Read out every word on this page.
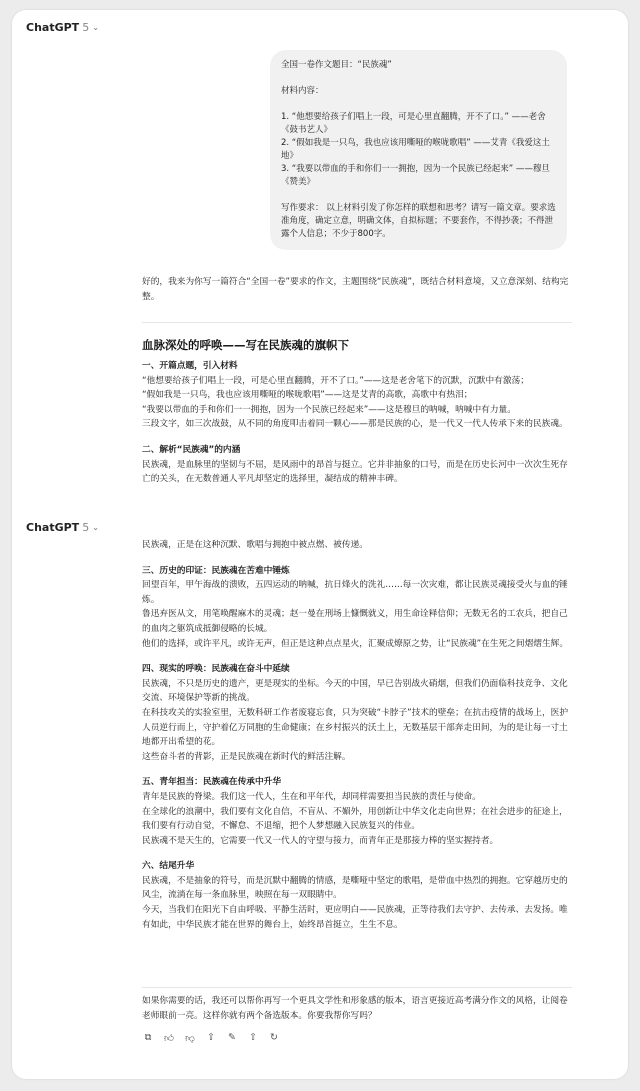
ChatGPT 5 ⌄

全国一卷作文题目：“民族魂”

材料内容：

1. “他想要给孩子们唱上一段，可是心里直翻腾，开不了口。” ——老舍《鼓书艺人》

2. “假如我是一只鸟，我也应该用嘶哑的喉咙歌唱” ——艾青《我爱这土地》

3. “我要以带血的手和你们一一拥抱，因为一个民族已经起来” ——穆旦《赞美》

写作要求： 以上材料引发了你怎样的联想和思考？请写一篇文章。要求选准角度，确定立意，明确文体，自拟标题；不要套作，不得抄袭；不得泄露个人信息；不少于800字。

好的，我来为你写一篇符合“全国一卷”要求的作文，主题围绕“民族魂”，既结合材料意境，又立意深刻、结构完整。

血脉深处的呼唤——写在民族魂的旗帜下
一、开篇点题，引入材料

“他想要给孩子们唱上一段，可是心里直翻腾，开不了口。”——这是老舍笔下的沉默，沉默中有激荡；

“假如我是一只鸟，我也应该用嘶哑的喉咙歌唱”——这是艾青的高歌，高歌中有热泪；

“我要以带血的手和你们一一拥抱，因为一个民族已经起来”——这是穆旦的呐喊，呐喊中有力量。

三段文字，如三次战鼓，从不同的角度叩击着同一颗心——那是民族的心，是一代又一代人传承下来的民族魂。

二、解析“民族魂”的内涵

民族魂，是血脉里的坚韧与不屈，是风雨中的昂首与挺立。它并非抽象的口号，而是在历史长河中一次次生死存亡的关头，在无数普通人平凡却坚定的选择里，凝结成的精神丰碑。

ChatGPT 5 ⌄

民族魂，正是在这种沉默、歌唱与拥抱中被点燃、被传递。

三、历史的印证：民族魂在苦难中锤炼

回望百年，甲午海战的溃败，五四运动的呐喊，抗日烽火的洗礼……每一次灾难，都让民族灵魂接受火与血的锤炼。

鲁迅弃医从文，用笔唤醒麻木的灵魂；赵一曼在刑场上慷慨就义，用生命诠释信仰；无数无名的工农兵，把自己的血肉之躯筑成抵御侵略的长城。

他们的选择，或许平凡，或许无声，但正是这种点点星火，汇聚成燎原之势，让“民族魂”在生死之间熠熠生辉。

四、现实的呼唤：民族魂在奋斗中延续

民族魂，不只是历史的遗产，更是现实的坐标。今天的中国，早已告别战火硝烟，但我们仍面临科技竞争、文化交流、环境保护等新的挑战。

在科技攻关的实验室里，无数科研工作者废寝忘食，只为突破“卡脖子”技术的壁垒；在抗击疫情的战场上，医护人员逆行而上，守护着亿万同胞的生命健康；在乡村振兴的沃土上，无数基层干部奔走田间，为的是让每一寸土地都开出希望的花。

这些奋斗者的背影，正是民族魂在新时代的鲜活注解。

五、青年担当：民族魂在传承中升华

青年是民族的脊梁。我们这一代人，生在和平年代，却同样需要担当民族的责任与使命。

在全球化的浪潮中，我们要有文化自信，不盲从、不媚外，用创新让中华文化走向世界；在社会进步的征途上，我们要有行动自觉，不懈怠、不退缩，把个人梦想融入民族复兴的伟业。

民族魂不是天生的，它需要一代又一代人的守望与接力，而青年正是那接力棒的坚实握持者。

六、结尾升华

民族魂，不是抽象的符号，而是沉默中翻腾的情感，是嘶哑中坚定的歌唱，是带血中热烈的拥抱。它穿越历史的风尘，流淌在每一条血脉里，映照在每一双眼睛中。

今天，当我们在阳光下自由呼吸、平静生活时，更应明白——民族魂，正等待我们去守护、去传承、去发扬。唯有如此，中华民族才能在世界的舞台上，始终昂首挺立，生生不息。

如果你需要的话，我还可以帮你再写一个更具文学性和形象感的版本，语言更接近高考满分作文的风格，让阅卷老师眼前一亮。这样你就有两个备选版本。你要我帮你写吗？

⧉ 👍︎ 👎︎ ⇪ ✎ ⇧ ↻
